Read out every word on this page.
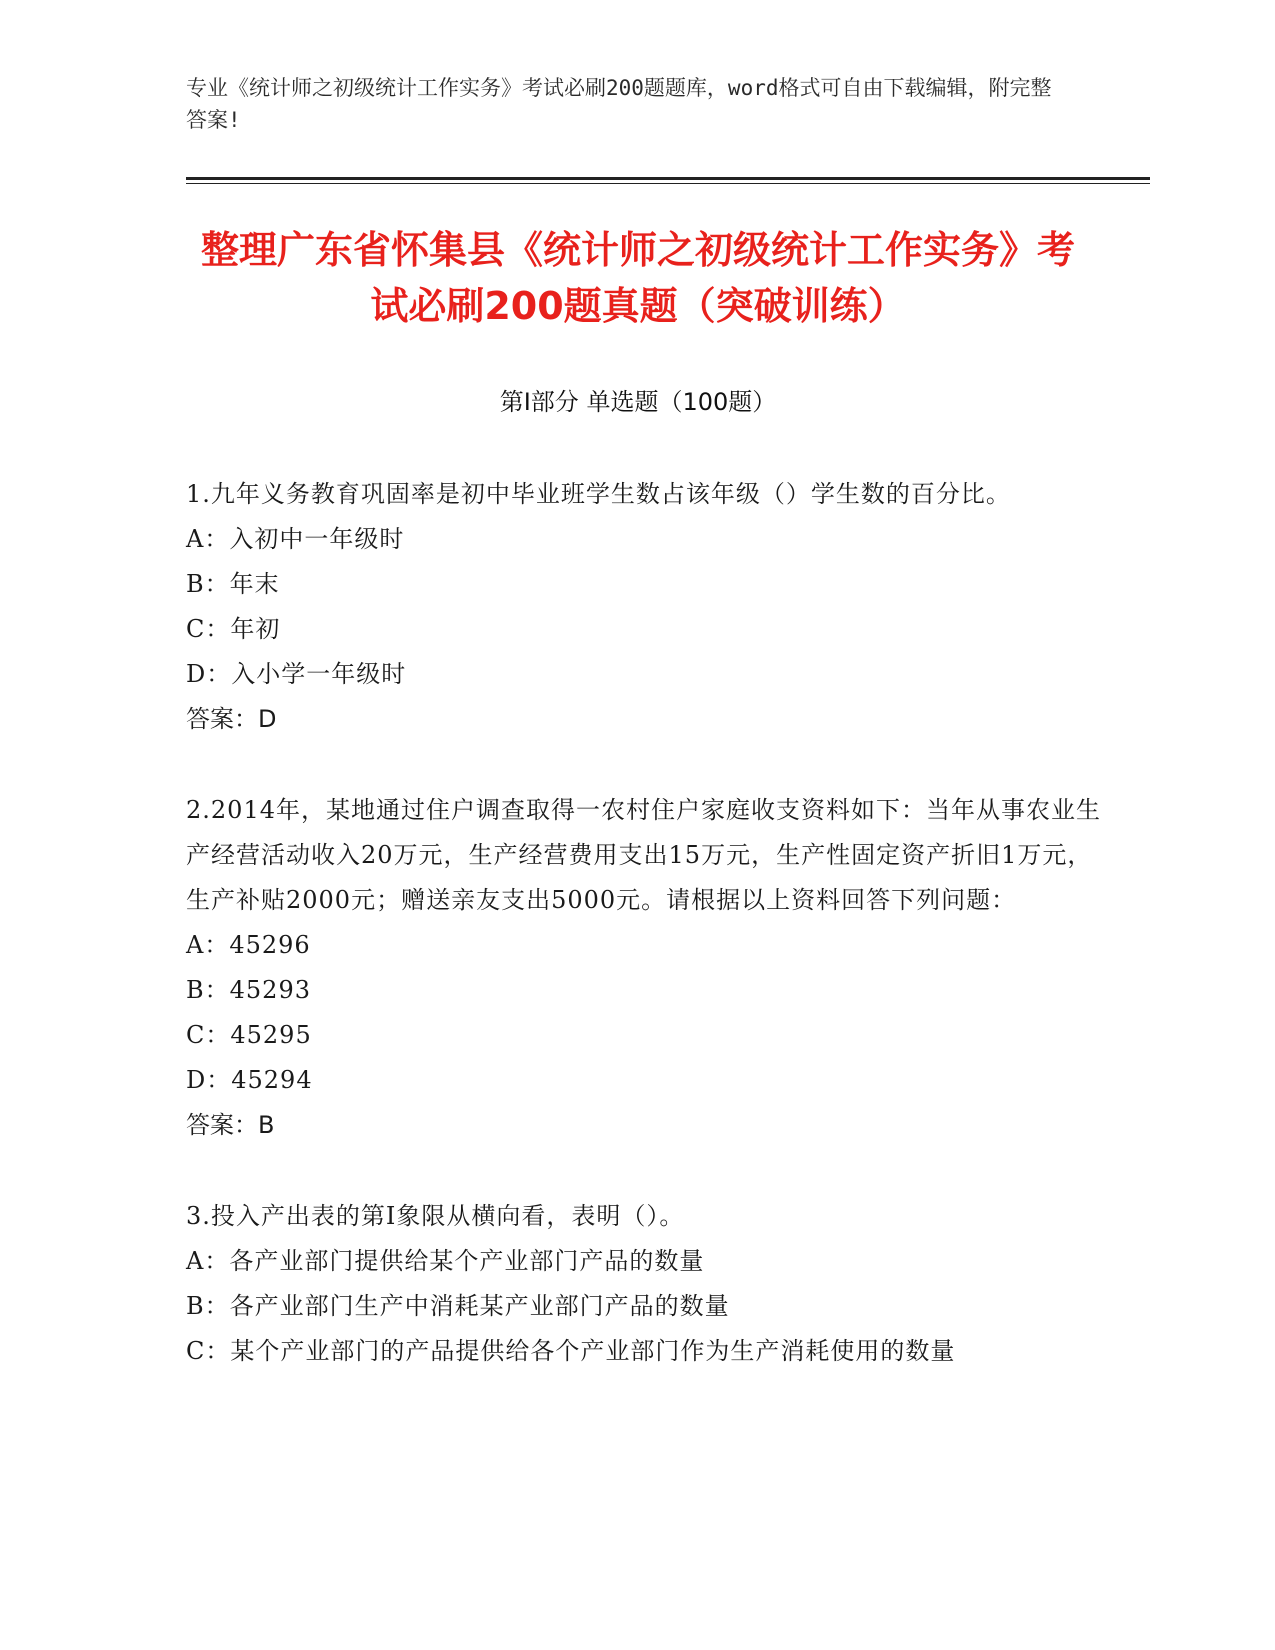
专业《统计师之初级统计工作实务》考试必刷200题题库，word格式可自由下载编辑，附完整答案!
整理广东省怀集县《统计师之初级统计工作实务》考试必刷200题真题（突破训练）
第I部分 单选题（100题）
1.九年义务教育巩固率是初中毕业班学生数占该年级（）学生数的百分比。
A：入初中一年级时
B：年末
C：年初
D：入小学一年级时
答案：D
2.2014年，某地通过住户调查取得一农村住户家庭收支资料如下：当年从事农业生产经营活动收入20万元，生产经营费用支出15万元，生产性固定资产折旧1万元，生产补贴2000元；赠送亲友支出5000元。请根据以上资料回答下列问题：
A：45296
B：45293
C：45295
D：45294
答案：B
3.投入产出表的第Ⅰ象限从横向看，表明（）。
A：各产业部门提供给某个产业部门产品的数量
B：各产业部门生产中消耗某产业部门产品的数量
C：某个产业部门的产品提供给各个产业部门作为生产消耗使用的数量
